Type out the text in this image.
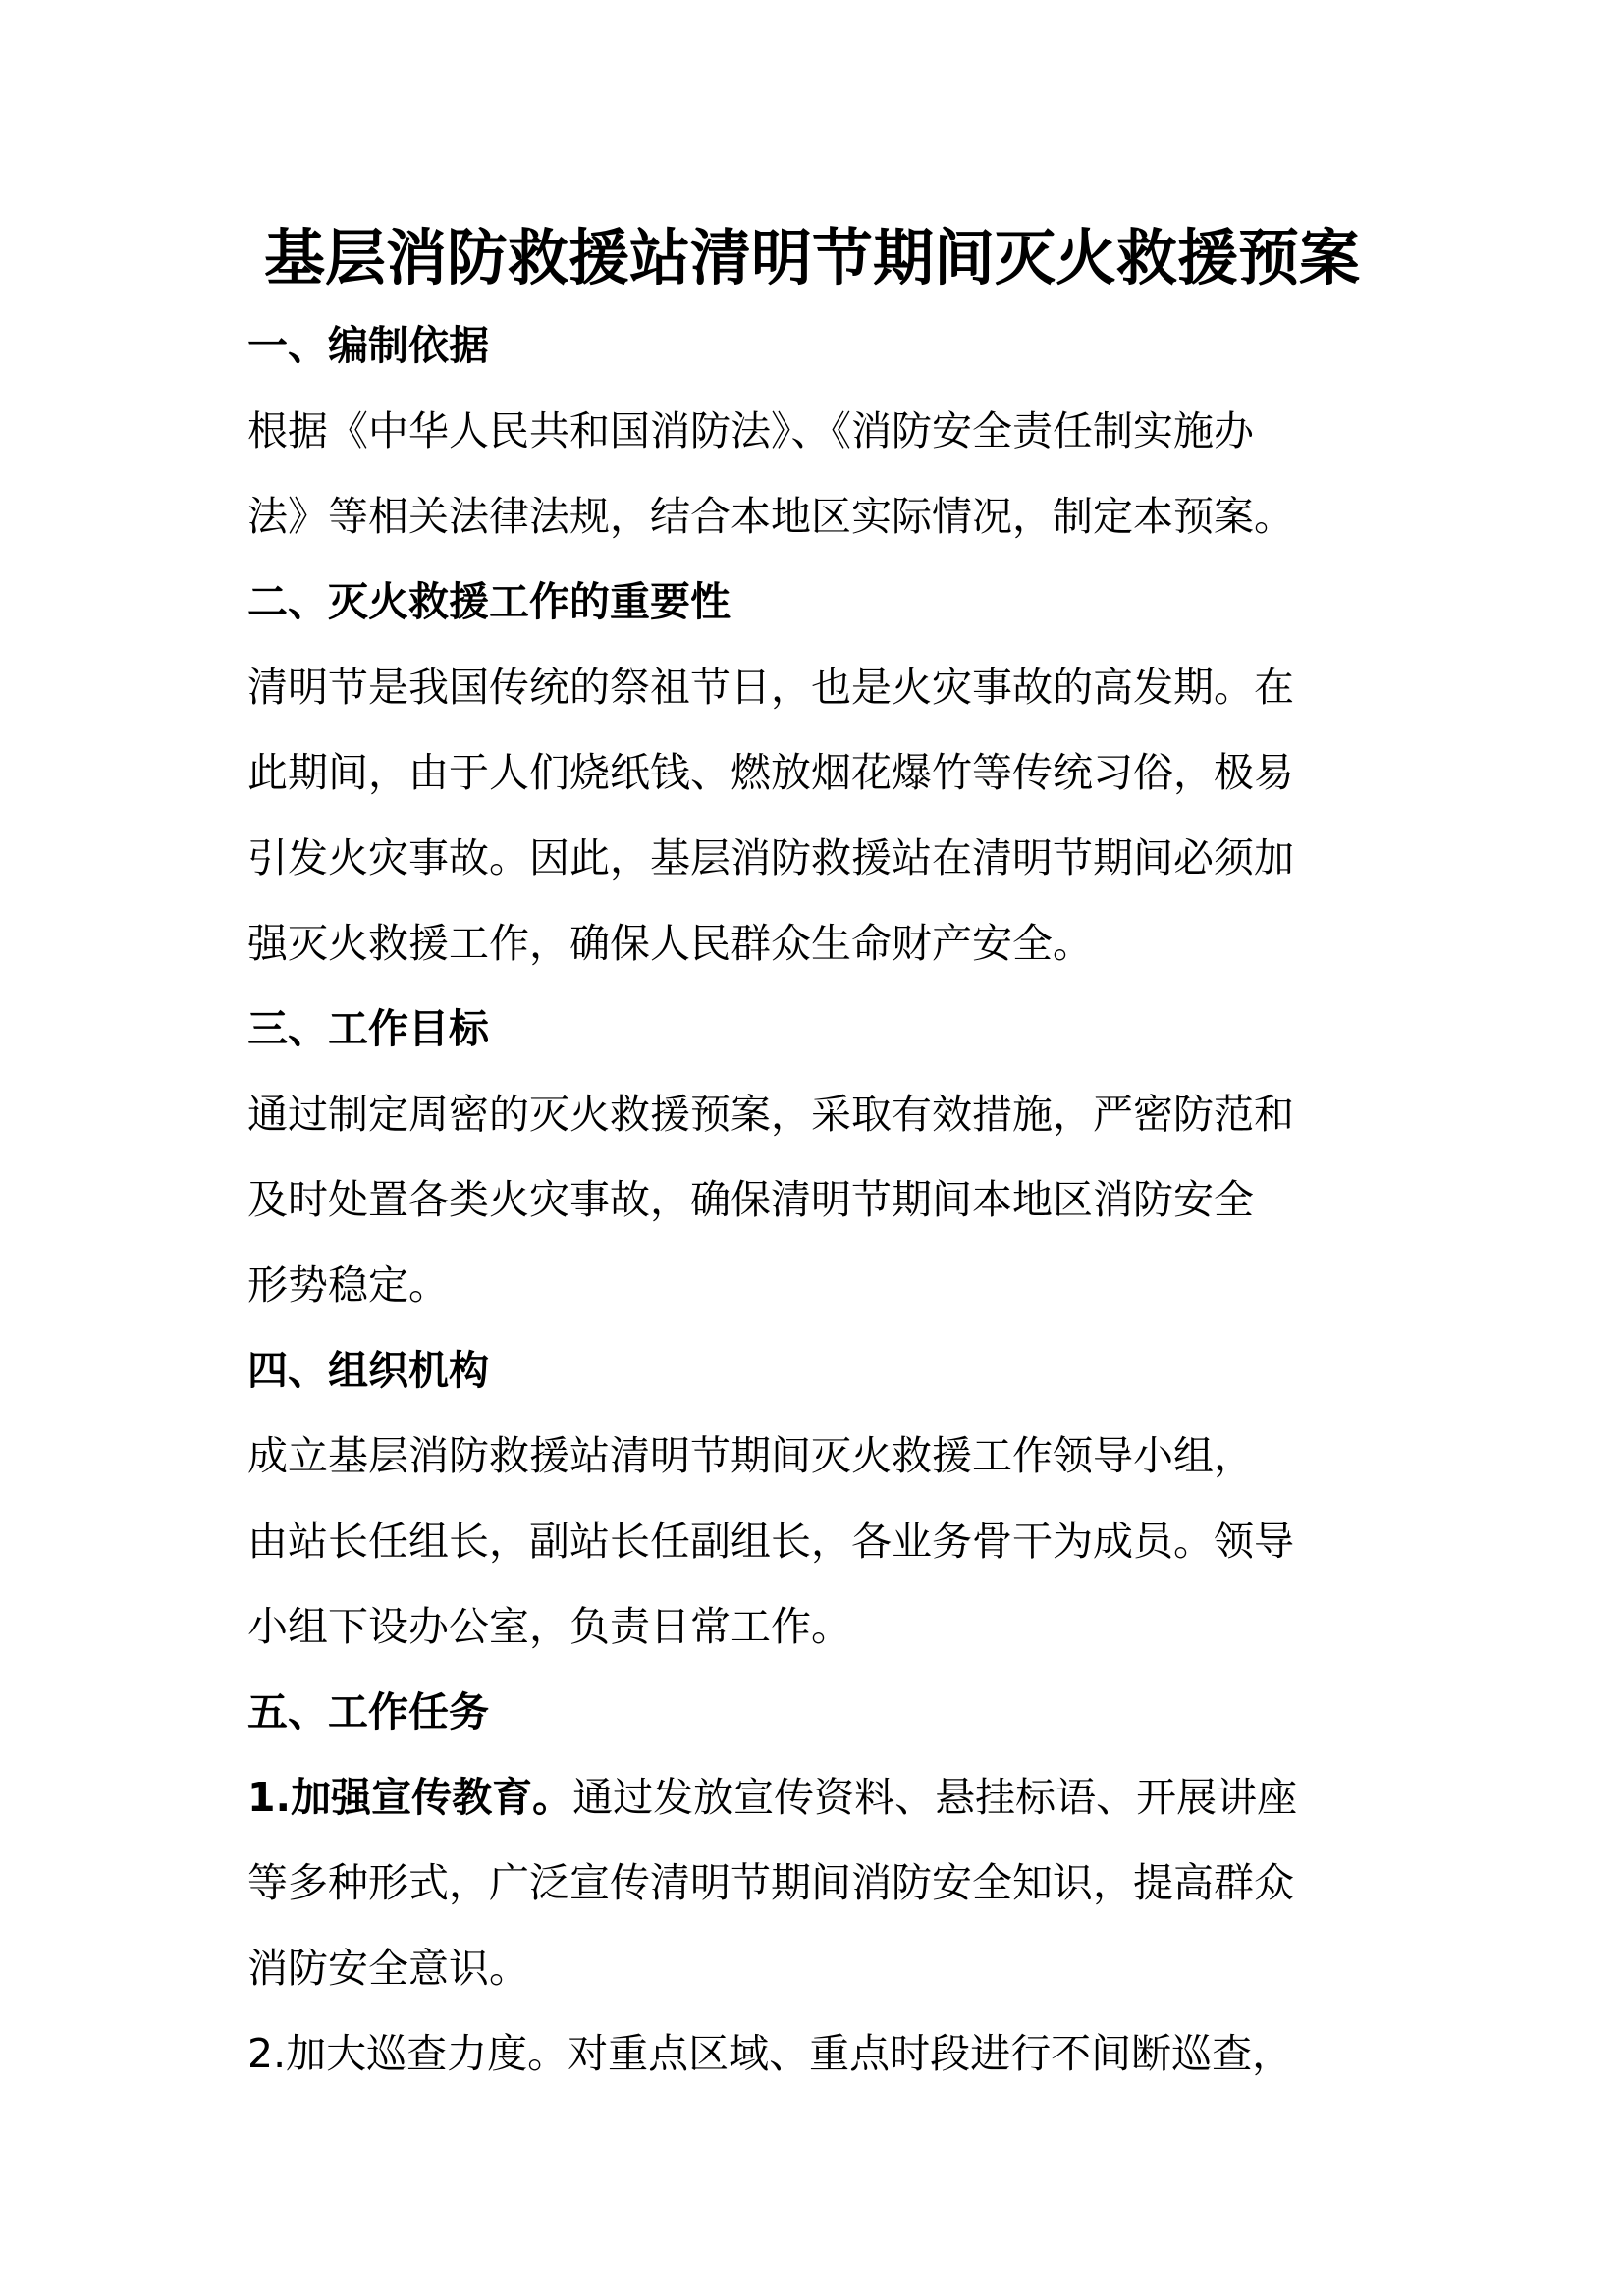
基层消防救援站清明节期间灭火救援预案
一、编制依据

根据《中华人民共和国消防法》、《消防安全责任制实施办
法》等相关法律法规，结合本地区实际情况，制定本预案。

二、灭火救援工作的重要性

清明节是我国传统的祭祖节日，也是火灾事故的高发期。在
此期间，由于人们烧纸钱、燃放烟花爆竹等传统习俗，极易
引发火灾事故。因此，基层消防救援站在清明节期间必须加
强灭火救援工作，确保人民群众生命财产安全。

三、工作目标

通过制定周密的灭火救援预案，采取有效措施，严密防范和
及时处置各类火灾事故，确保清明节期间本地区消防安全
形势稳定。

四、组织机构

成立基层消防救援站清明节期间灭火救援工作领导小组，
由站长任组长，副站长任副组长，各业务骨干为成员。领导
小组下设办公室，负责日常工作。

五、工作任务

1.加强宣传教育。通过发放宣传资料、悬挂标语、开展讲座
等多种形式，广泛宣传清明节期间消防安全知识，提高群众
消防安全意识。

2.加大巡查力度。对重点区域、重点时段进行不间断巡查，
